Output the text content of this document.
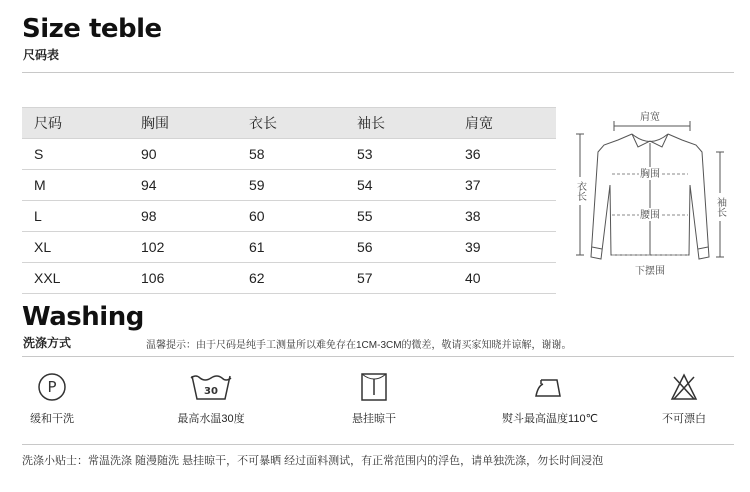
Size teble
尺码表
尺码	胸围	衣长	袖长	肩宽
S	90	58	53	36
M	94	59	54	37
L	98	60	55	38
XL	102	61	56	39
XXL	106	62	57	40
肩宽
胸围
腰围
下摆围
衣长
袖长
Washing
洗涤方式	温馨提示：由于尺码是纯手工测量所以难免存在1CM-3CM的微差，敬请买家知晓并谅解，谢谢。
P
缓和干洗
30
最高水温30度	悬挂晾干	熨斗最高温度110℃	不可漂白
洗涤小贴士：常温洗涤 随漫随洗 悬挂晾干，不可暴晒 经过面料测试，有正常范围内的浮色，请单独洗涤，勿长时间浸泡
